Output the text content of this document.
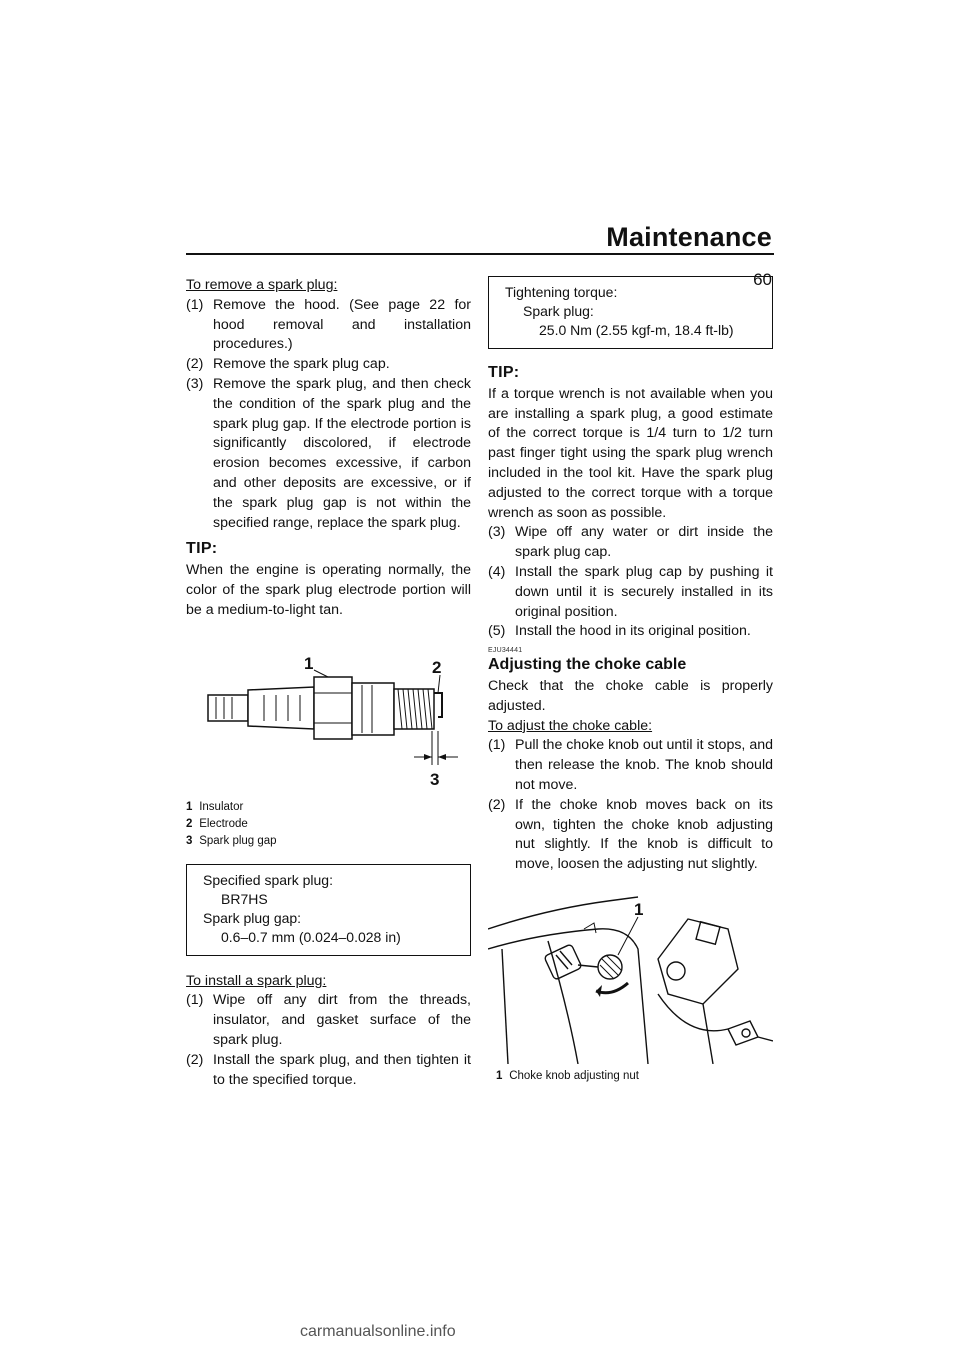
Maintenance
60

To remove a spark plug:

(1) Remove the hood. (See page 22 for hood removal and installation procedures.)
(2) Remove the spark plug cap.
(3) Remove the spark plug, and then check the condition of the spark plug and the spark plug gap. If the electrode portion is significantly discolored, if electrode erosion becomes excessive, if carbon and other deposits are excessive, or if the spark plug gap is not within the specified range, replace the spark plug.
TIP:

When the engine is operating normally, the color of the spark plug electrode portion will be a medium-to-light tan.

1	2
3
1 Insulator
2 Electrode
3 Spark plug gap
Specified spark plug:
BR7HS
Spark plug gap:
0.6–0.7 mm (0.024–0.028 in)

To install a spark plug:

(1) Wipe off any dirt from the threads, insulator, and gasket surface of the spark plug.
(2) Install the spark plug, and then tighten it to the specified torque.
Tightening torque:
Spark plug:
25.0 Nm (2.55 kgf-m, 18.4 ft-lb)
TIP:

If a torque wrench is not available when you are installing a spark plug, a good estimate of the correct torque is 1/4 turn to 1/2 turn past finger tight using the spark plug wrench included in the tool kit. Have the spark plug adjusted to the correct torque with a torque wrench as soon as possible.

(3) Wipe off any water or dirt inside the spark plug cap.
(4) Install the spark plug cap by pushing it down until it is securely installed in its original position.
(5) Install the hood in its original position.
EJU34441
Adjusting the choke cable

Check that the choke cable is properly adjusted.

To adjust the choke cable:

(1) Pull the choke knob out until it stops, and then release the knob. The knob should not move.
(2) If the choke knob moves back on its own, tighten the choke knob adjusting nut slightly. If the knob is difficult to move, loosen the adjusting nut slightly.
1
1 Choke knob adjusting nut
carmanualsonline.info
